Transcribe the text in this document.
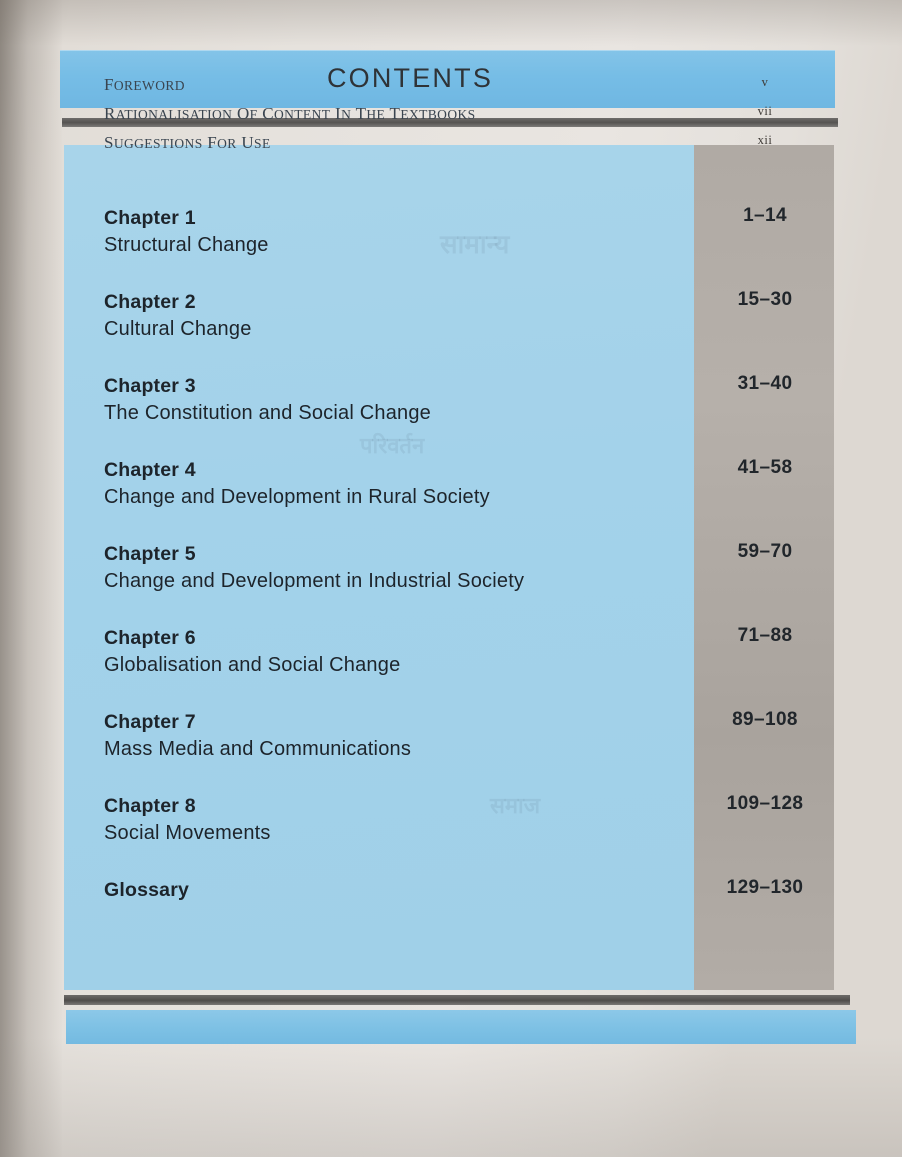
CONTENTS
FOREWORD
RATIONALISATION OF CONTENT IN THE TEXTBOOKS
SUGGESTIONS FOR USE
v
vii
xii
Chapter 1
Structural Change
Chapter 2
Cultural Change
Chapter 3
The Constitution and Social Change
Chapter 4
Change and Development in Rural Society
Chapter 5
Change and Development in Industrial Society
Chapter 6
Globalisation and Social Change
Chapter 7
Mass Media and Communications
Chapter 8
Social Movements
Glossary
1–14
15–30
31–40
41–58
59–70
71–88
89–108
109–128
129–130
